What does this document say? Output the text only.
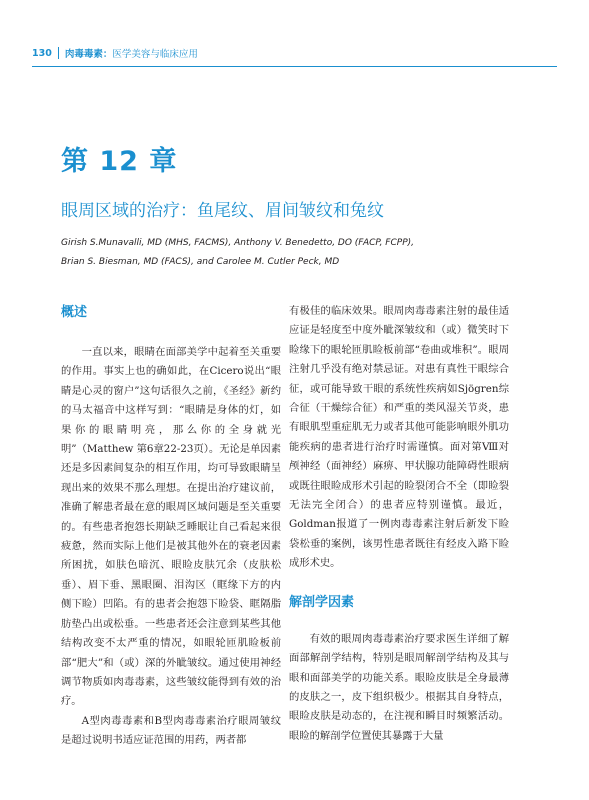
130 肉毒毒素： 医学美容与临床应用
第 12 章
眼周区域的治疗：鱼尾纹、眉间皱纹和兔纹
Girish S.Munavalli, MD (MHS, FACMS), Anthony V. Benedetto, DO (FACP, FCPP),
Brian S. Biesman, MD (FACS), and Carolee M. Cutler Peck, MD
概述

一直以来，眼睛在面部美学中起着至关重要的作用。事实上也的确如此，在Cicero说出“眼睛是心灵的窗户”这句话很久之前，《圣经》新约的马太福音中这样写到：“眼睛是身体的灯，如果你的眼睛明亮，那么你的全身就光明”（Matthew 第6章22-23页）。无论是单因素还是多因素间复杂的相互作用，均可导致眼睛呈现出来的效果不那么理想。在提出治疗建议前，准确了解患者最在意的眼周区域问题是至关重要的。有些患者抱怨长期缺乏睡眠让自己看起来很疲惫，然而实际上他们是被其他外在的衰老因素所困扰，如肤色暗沉、眼睑皮肤冗余（皮肤松垂）、眉下垂、黑眼圈、泪沟区（眶缘下方的内侧下睑）凹陷。有的患者会抱怨下睑袋、眶隔脂肪垫凸出或松垂。一些患者还会注意到某些其他结构改变不太严重的情况，如眼轮匝肌睑板前部“肥大”和（或）深的外眦皱纹。通过使用神经调节物质如肉毒毒素，这些皱纹能得到有效的治疗。

A型肉毒毒素和B型肉毒毒素治疗眼周皱纹是超过说明书适应证范围的用药，两者都

有极佳的临床效果。眼周肉毒毒素注射的最佳适应证是轻度至中度外眦深皱纹和（或）微笑时下睑缘下的眼轮匝肌睑板前部“卷曲或堆积”。眼周注射几乎没有绝对禁忌证。对患有真性干眼综合征，或可能导致干眼的系统性疾病如Sjögren综合征（干燥综合征）和严重的类风湿关节炎，患有眼肌型重症肌无力或者其他可能影响眼外肌功能疾病的患者进行治疗时需谨慎。面对第Ⅷ对颅神经（面神经）麻痹、甲状腺功能障碍性眼病或既往眼睑成形术引起的睑裂闭合不全（即睑裂无法完全闭合）的患者应特别谨慎。最近，Goldman报道了一例肉毒毒素注射后新发下睑袋松垂的案例，该男性患者既往有经皮入路下睑成形术史。

解剖学因素

有效的眼周肉毒毒素治疗要求医生详细了解面部解剖学结构，特别是眼周解剖学结构及其与眼和面部美学的功能关系。眼睑皮肤是全身最薄的皮肤之一，皮下组织极少。根据其自身特点，眼睑皮肤是动态的，在注视和瞬目时频繁活动。眼睑的解剖学位置使其暴露于大量
